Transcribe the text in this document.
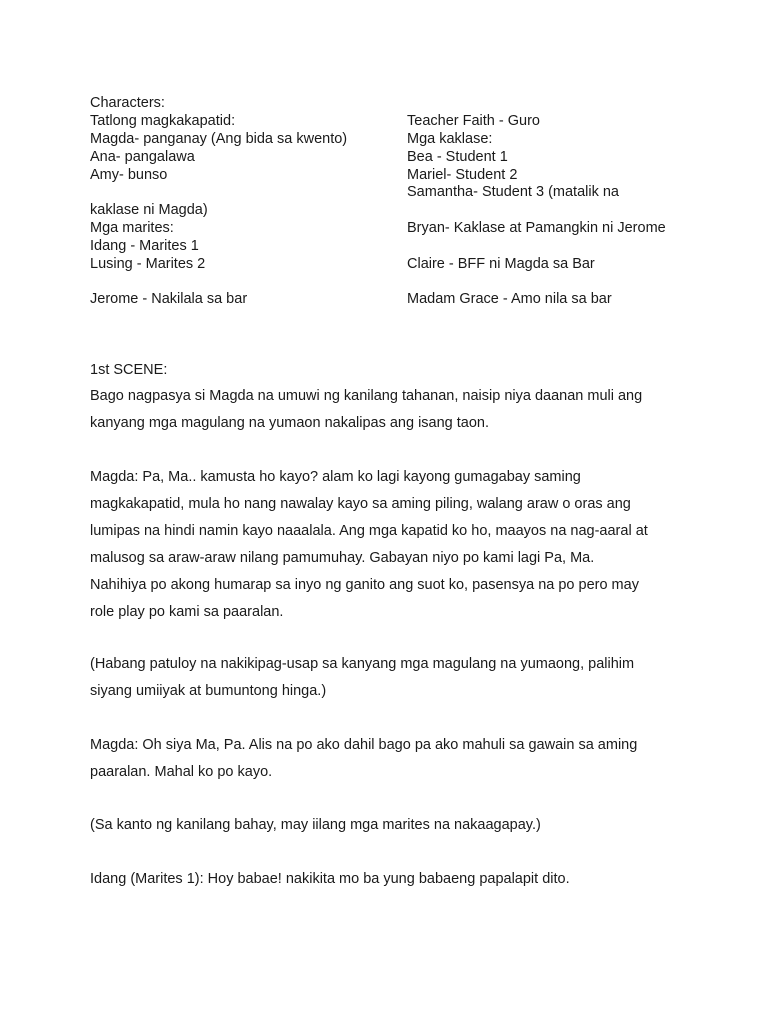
Characters:
Tatlong magkakapatid:
Magda- panganay (Ang bida sa kwento)
Ana- pangalawa
Amy- bunso
kaklase ni Magda)
Mga marites:
Idang - Marites 1
Lusing - Marites 2
Jerome - Nakilala sa bar
Teacher Faith - Guro
Mga kaklase:
Bea - Student 1
Mariel- Student 2
Samantha- Student 3 (matalik na
Bryan- Kaklase at Pamangkin ni Jerome
Claire - BFF ni Magda sa Bar
Madam Grace - Amo nila sa bar
1st SCENE:
Bago nagpasya si Magda na umuwi ng kanilang tahanan, naisip niya daanan muli ang
kanyang mga magulang na yumaon nakalipas ang isang taon.
Magda: Pa, Ma.. kamusta ho kayo? alam ko lagi kayong gumagabay saming
magkakapatid, mula ho nang nawalay kayo sa aming piling, walang araw o oras ang
lumipas na hindi namin kayo naaalala. Ang mga kapatid ko ho, maayos na nag-aaral at
malusog sa araw-araw nilang pamumuhay. Gabayan niyo po kami lagi Pa, Ma.
Nahihiya po akong humarap sa inyo ng ganito ang suot ko, pasensya na po pero may
role play po kami sa paaralan.
(Habang patuloy na nakikipag-usap sa kanyang mga magulang na yumaong, palihim
siyang umiiyak at bumuntong hinga.)
Magda: Oh siya Ma, Pa. Alis na po ako dahil bago pa ako mahuli sa gawain sa aming
paaralan. Mahal ko po kayo.
(Sa kanto ng kanilang bahay, may iilang mga marites na nakaagapay.)
Idang (Marites 1): Hoy babae! nakikita mo ba yung babaeng papalapit dito.
